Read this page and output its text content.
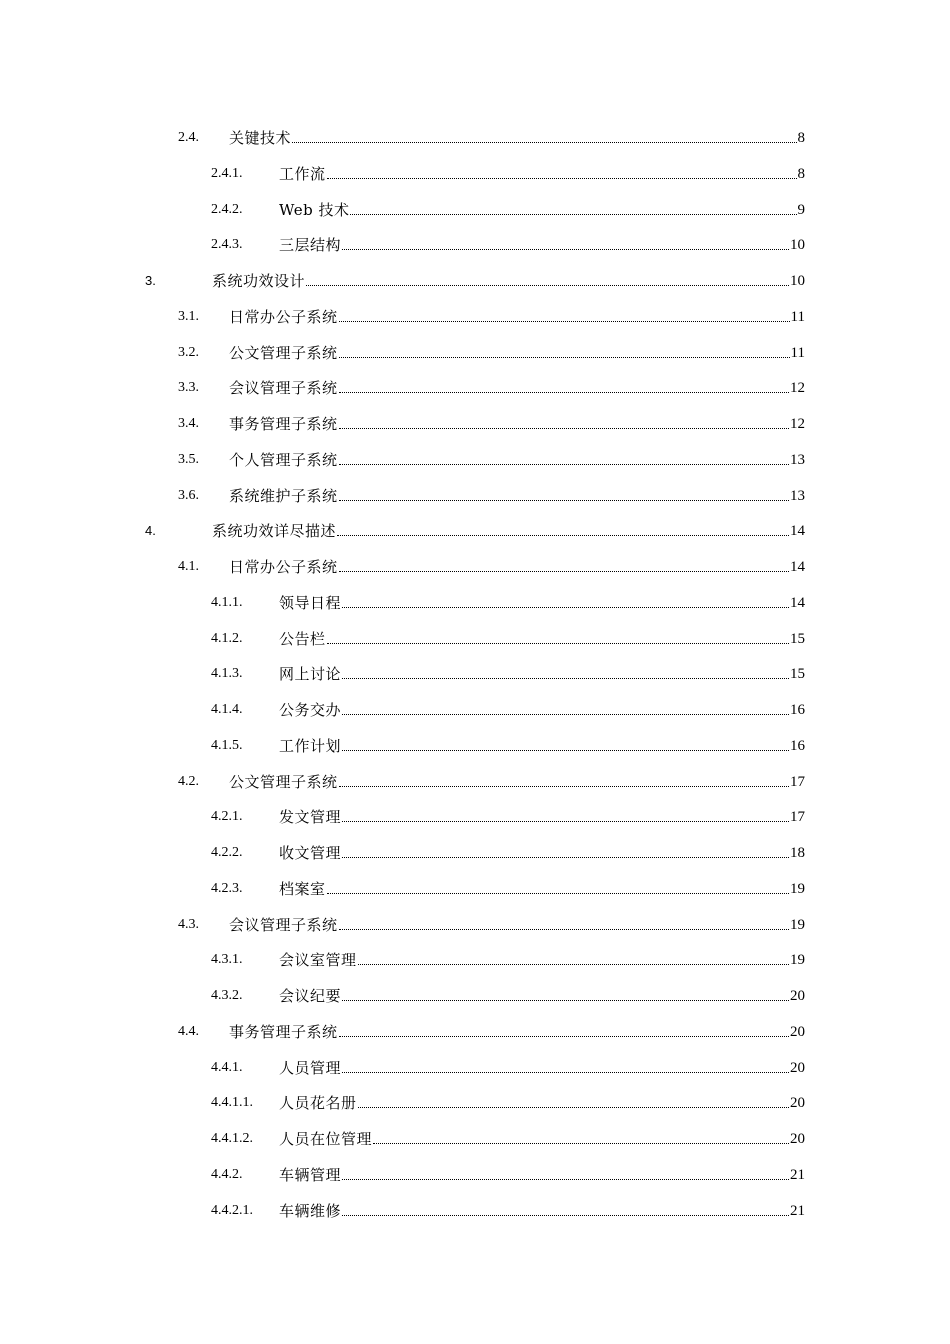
2.4.	关键技术	8
2.4.1.	工作流	8
2.4.2.	Web 技术	9
2.4.3.	三层结构	10
3.	系统功效设计	10
3.1.	日常办公子系统	11
3.2.	公文管理子系统	11
3.3.	会议管理子系统	12
3.4.	事务管理子系统	12
3.5.	个人管理子系统	13
3.6.	系统维护子系统	13
4.	系统功效详尽描述	14
4.1.	日常办公子系统	14
4.1.1.	领导日程	14
4.1.2.	公告栏	15
4.1.3.	网上讨论	15
4.1.4.	公务交办	16
4.1.5.	工作计划	16
4.2.	公文管理子系统	17
4.2.1.	发文管理	17
4.2.2.	收文管理	18
4.2.3.	档案室	19
4.3.	会议管理子系统	19
4.3.1.	会议室管理	19
4.3.2.	会议纪要	20
4.4.	事务管理子系统	20
4.4.1.	人员管理	20
4.4.1.1.	人员花名册	20
4.4.1.2.	人员在位管理	20
4.4.2.	车辆管理	21
4.4.2.1.	车辆维修	21
